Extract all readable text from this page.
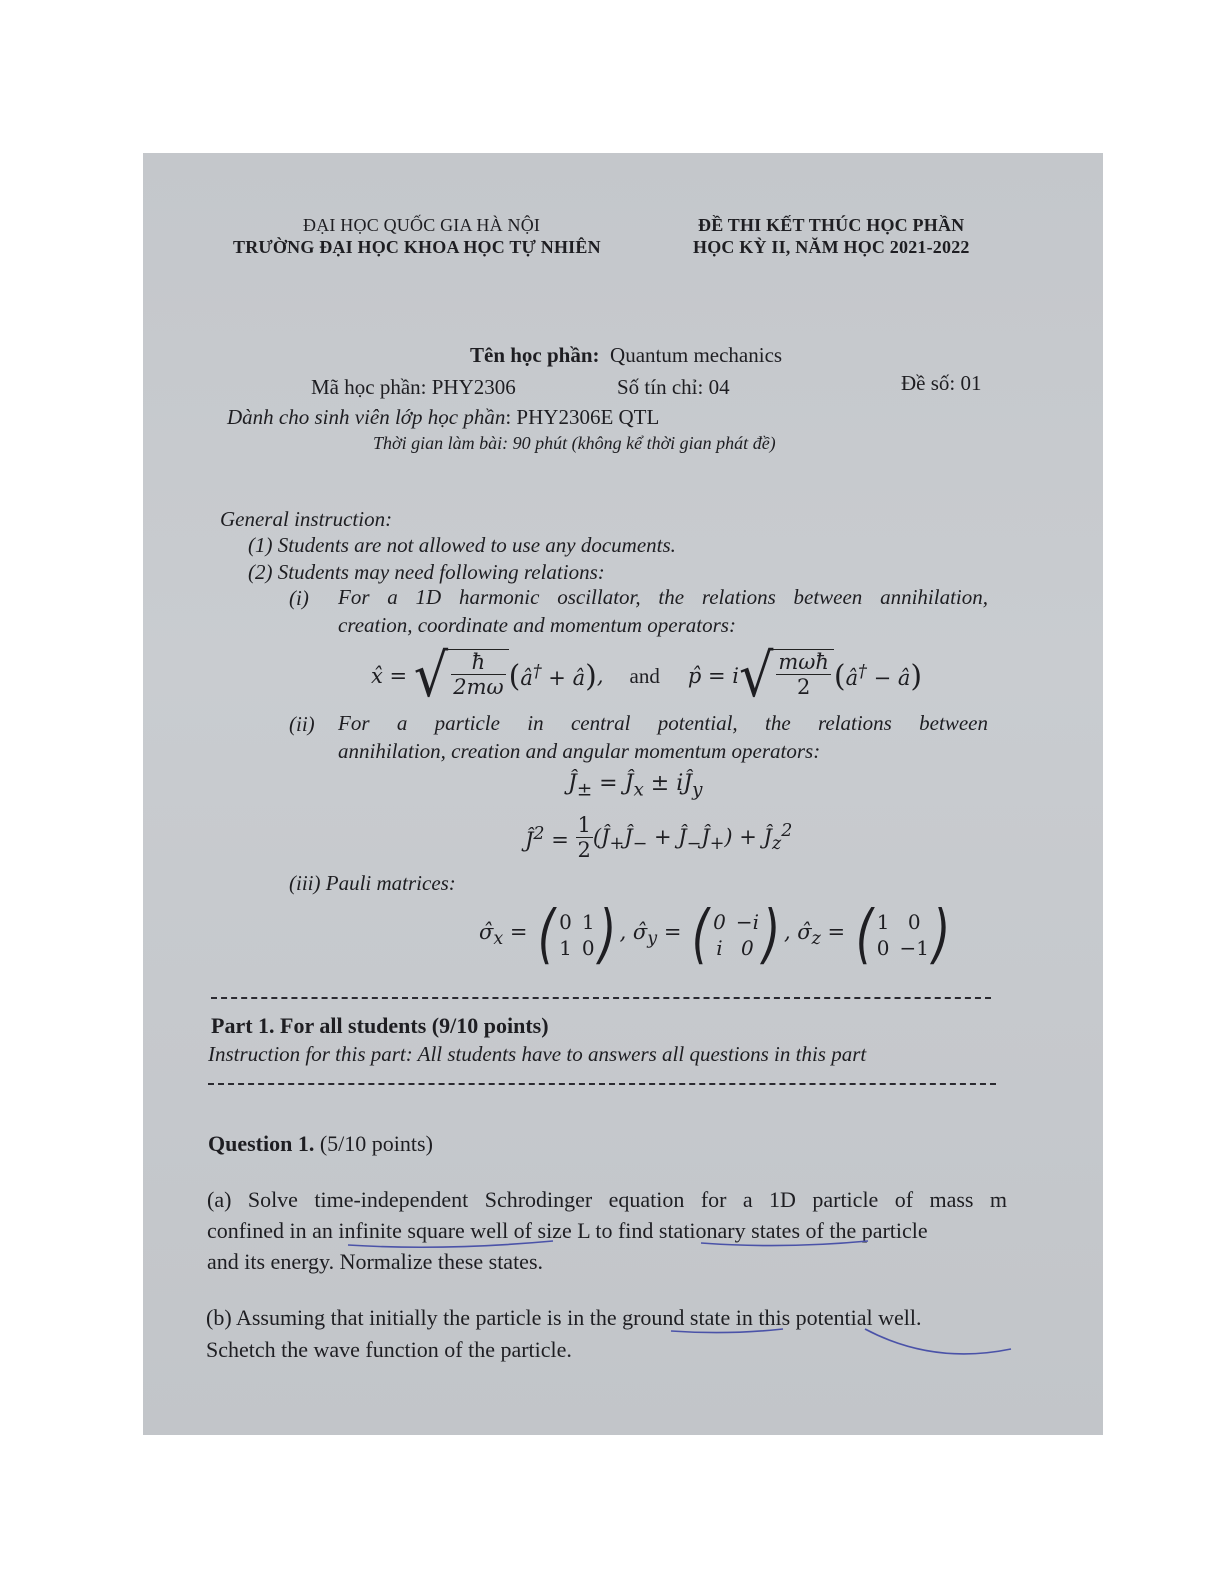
ĐẠI HỌC QUỐC GIA HÀ NỘI
TRƯỜNG ĐẠI HỌC KHOA HỌC TỰ NHIÊN
ĐỀ THI KẾT THÚC HỌC PHẦN
HỌC KỲ II, NĂM HỌC 2021-2022
Tên học phần: Quantum mechanics
Mã học phần: PHY2306	Số tín chỉ: 04	Đề số: 01
Dành cho sinh viên lớp học phần: PHY2306E QTL
Thời gian làm bài: 90 phút (không kể thời gian phát đề)
General instruction:
(1) Students are not allowed to use any documents.
(2) Students may need following relations:
(i) For a 1D harmonic oscillator, the relations between annihilation,
creation, coordinate and momentum operators:
x̂ = √ $\frac{ħ}{2m\omega}$ ( â† + â ) , and p̂ = i √ $\frac{\text{mωħ}}{2}$ ( â† − â )
(ii) For a particle in central potential, the relations between
annihilation, creation and angular momentum operators:
$Ĵ_\pm$ = $Ĵ_x$ ± $iĴ_y$
$Ĵ^2 = \frac{1}{2}$ ($Ĵ_+Ĵ_-$ + $Ĵ_-Ĵ_+$) + $Ĵ_z^2$
(iii) Pauli matrices:
$\sigmâ_x$ = ( 0 1
1 0 ) , $\sigmâ_y$ = ( 0 −i
i 0 ) , $\sigmâ_z$ = ( 1 0
0 −1 )
Part 1. For all students (9/10 points)
Instruction for this part: All students have to answers all questions in this part
Question 1. (5/10 points)
(a) Solve time-independent Schrodinger equation for a 1D particle of mass m
confined in an infinite square well of size L to find stationary states of the particle
and its energy. Normalize these states.
(b) Assuming that initially the particle is in the ground state in this potential well.
Schetch the wave function of the particle.
